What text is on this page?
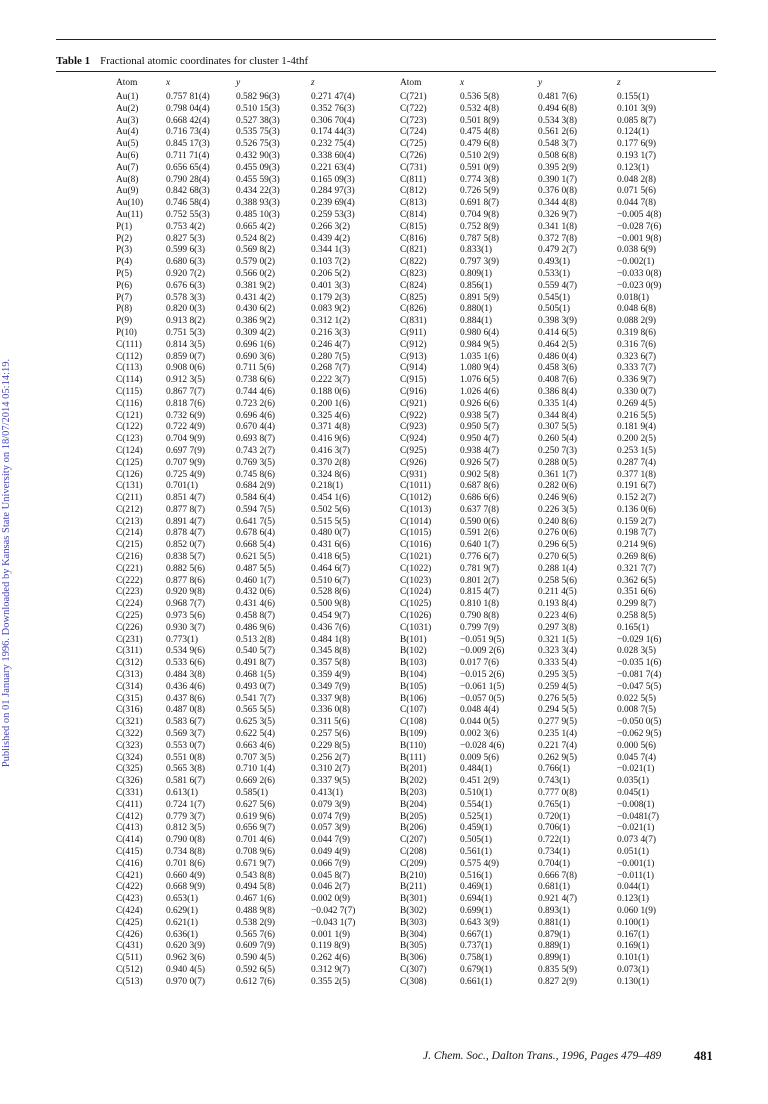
Table 1 Fractional atomic coordinates for cluster 1-4thf
Published on 01 January 1996. Downloaded by Kansas State University on 18/07/2014 05:14:19.
Atom
Au(1)
Au(2)
Au(3)
Au(4)
Au(5)
Au(6)
Au(7)
Au(8)
Au(9)
Au(10)
Au(11)
P(1)
P(2)
P(3)
P(4)
P(5)
P(6)
P(7)
P(8)
P(9)
P(10)
C(111)
C(112)
C(113)
C(114)
C(115)
C(116)
C(121)
C(122)
C(123)
C(124)
C(125)
C(126)
C(131)
C(211)
C(212)
C(213)
C(214)
C(215)
C(216)
C(221)
C(222)
C(223)
C(224)
C(225)
C(226)
C(231)
C(311)
C(312)
C(313)
C(314)
C(315)
C(316)
C(321)
C(322)
C(323)
C(324)
C(325)
C(326)
C(331)
C(411)
C(412)
C(413)
C(414)
C(415)
C(416)
C(421)
C(422)
C(423)
C(424)
C(425)
C(426)
C(431)
C(511)
C(512)
C(513)
x
0.757 81(4)
0.798 04(4)
0.668 42(4)
0.716 73(4)
0.845 17(3)
0.711 71(4)
0.656 65(4)
0.790 28(4)
0.842 68(3)
0.746 58(4)
0.752 55(3)
0.753 4(2)
0.827 5(3)
0.599 6(3)
0.680 6(3)
0.920 7(2)
0.676 6(3)
0.578 3(3)
0.820 0(3)
0.913 8(2)
0.751 5(3)
0.814 3(5)
0.859 0(7)
0.908 0(6)
0.912 3(5)
0.867 7(7)
0.818 7(6)
0.732 6(9)
0.722 4(9)
0.704 9(9)
0.697 7(9)
0.707 9(9)
0.725 4(9)
0.701(1)
0.851 4(7)
0.877 8(7)
0.891 4(7)
0.878 4(7)
0.852 0(7)
0.838 5(7)
0.882 5(6)
0.877 8(6)
0.920 9(8)
0.968 7(7)
0.973 5(6)
0.930 3(7)
0.773(1)
0.534 9(6)
0.533 6(6)
0.484 3(8)
0.436 4(6)
0.437 8(6)
0.487 0(8)
0.583 6(7)
0.569 3(7)
0.553 0(7)
0.551 0(8)
0.565 3(8)
0.581 6(7)
0.613(1)
0.724 1(7)
0.779 3(7)
0.812 3(5)
0.790 0(8)
0.734 8(8)
0.701 8(6)
0.660 4(9)
0.668 9(9)
0.653(1)
0.629(1)
0.621(1)
0.636(1)
0.620 3(9)
0.962 3(6)
0.940 4(5)
0.970 0(7)
y
0.582 96(3)
0.510 15(3)
0.527 38(3)
0.535 75(3)
0.526 75(3)
0.432 90(3)
0.455 09(3)
0.455 59(3)
0.434 22(3)
0.388 93(3)
0.485 10(3)
0.665 4(2)
0.524 8(2)
0.569 8(2)
0.579 0(2)
0.566 0(2)
0.381 9(2)
0.431 4(2)
0.430 6(2)
0.386 9(2)
0.309 4(2)
0.696 1(6)
0.690 3(6)
0.711 5(6)
0.738 6(6)
0.744 4(6)
0.723 2(6)
0.696 4(6)
0.670 4(4)
0.693 8(7)
0.743 2(7)
0.769 3(5)
0.745 8(6)
0.684 2(9)
0.584 6(4)
0.594 7(5)
0.641 7(5)
0.678 6(4)
0.668 5(4)
0.621 5(5)
0.487 5(5)
0.460 1(7)
0.432 0(6)
0.431 4(6)
0.458 8(7)
0.486 9(6)
0.513 2(8)
0.540 5(7)
0.491 8(7)
0.468 1(5)
0.493 0(7)
0.541 7(7)
0.565 5(5)
0.625 3(5)
0.622 5(4)
0.663 4(6)
0.707 3(5)
0.710 1(4)
0.669 2(6)
0.585(1)
0.627 5(6)
0.619 9(6)
0.656 9(7)
0.701 4(6)
0.708 9(6)
0.671 9(7)
0.543 8(8)
0.494 5(8)
0.467 1(6)
0.488 9(8)
0.538 2(9)
0.565 7(6)
0.609 7(9)
0.590 4(5)
0.592 6(5)
0.612 7(6)
z
0.271 47(4)
0.352 76(3)
0.306 70(4)
0.174 44(3)
0.232 75(4)
0.338 60(4)
0.221 63(4)
0.165 09(3)
0.284 97(3)
0.239 69(4)
0.259 53(3)
0.266 3(2)
0.439 4(2)
0.344 1(3)
0.103 7(2)
0.206 5(2)
0.401 3(3)
0.179 2(3)
0.083 9(2)
0.312 1(2)
0.216 3(3)
0.246 4(7)
0.280 7(5)
0.268 7(7)
0.222 3(7)
0.188 0(6)
0.200 1(6)
0.325 4(6)
0.371 4(8)
0.416 9(6)
0.416 3(7)
0.370 2(8)
0.324 8(6)
0.218(1)
0.454 1(6)
0.502 5(6)
0.515 5(5)
0.480 0(7)
0.431 6(6)
0.418 6(5)
0.464 6(7)
0.510 6(7)
0.528 8(6)
0.500 9(8)
0.454 9(7)
0.436 7(6)
0.484 1(8)
0.345 8(8)
0.357 5(8)
0.359 4(9)
0.349 7(9)
0.337 9(8)
0.336 0(8)
0.311 5(6)
0.257 5(6)
0.229 8(5)
0.256 2(7)
0.310 2(7)
0.337 9(5)
0.413(1)
0.079 3(9)
0.074 7(9)
0.057 3(9)
0.044 7(9)
0.049 4(9)
0.066 7(9)
0.045 8(7)
0.046 2(7)
0.002 0(9)
−0.042 7(7)
−0.043 1(7)
0.001 1(9)
0.119 8(9)
0.262 4(6)
0.312 9(7)
0.355 2(5)
Atom
C(721)
C(722)
C(723)
C(724)
C(725)
C(726)
C(731)
C(811)
C(812)
C(813)
C(814)
C(815)
C(816)
C(821)
C(822)
C(823)
C(824)
C(825)
C(826)
C(831)
C(911)
C(912)
C(913)
C(914)
C(915)
C(916)
C(921)
C(922)
C(923)
C(924)
C(925)
C(926)
C(931)
C(1011)
C(1012)
C(1013)
C(1014)
C(1015)
C(1016)
C(1021)
C(1022)
C(1023)
C(1024)
C(1025)
C(1026)
C(1031)
B(101)
B(102)
B(103)
B(104)
B(105)
B(106)
C(107)
C(108)
B(109)
B(110)
B(111)
B(201)
B(202)
B(203)
B(204)
B(205)
B(206)
C(207)
C(208)
C(209)
B(210)
B(211)
B(301)
B(302)
B(303)
B(304)
B(305)
B(306)
C(307)
C(308)
x
0.536 5(8)
0.532 4(8)
0.501 8(9)
0.475 4(8)
0.479 6(8)
0.510 2(9)
0.591 0(9)
0.774 3(8)
0.726 5(9)
0.691 8(7)
0.704 9(8)
0.752 8(9)
0.787 5(8)
0.833(1)
0.797 3(9)
0.809(1)
0.856(1)
0.891 5(9)
0.880(1)
0.884(1)
0.980 6(4)
0.984 9(5)
1.035 1(6)
1.080 9(4)
1.076 6(5)
1.026 4(6)
0.926 6(6)
0.938 5(7)
0.950 5(7)
0.950 4(7)
0.938 4(7)
0.926 5(7)
0.902 5(8)
0.687 8(6)
0.686 6(6)
0.637 7(8)
0.590 0(6)
0.591 2(6)
0.640 1(7)
0.776 6(7)
0.781 9(7)
0.801 2(7)
0.815 4(7)
0.810 1(8)
0.790 8(8)
0.799 7(9)
−0.051 9(5)
−0.009 2(6)
0.017 7(6)
−0.015 2(6)
−0.061 1(5)
−0.057 0(5)
0.048 4(4)
0.044 0(5)
0.002 3(6)
−0.028 4(6)
0.009 5(6)
0.484(1)
0.451 2(9)
0.510(1)
0.554(1)
0.525(1)
0.459(1)
0.505(1)
0.561(1)
0.575 4(9)
0.516(1)
0.469(1)
0.694(1)
0.699(1)
0.643 3(9)
0.667(1)
0.737(1)
0.758(1)
0.679(1)
0.661(1)
y
0.481 7(6)
0.494 6(8)
0.534 3(8)
0.561 2(6)
0.548 3(7)
0.508 6(8)
0.395 2(9)
0.390 1(7)
0.376 0(8)
0.344 4(8)
0.326 9(7)
0.341 1(8)
0.372 7(8)
0.479 2(7)
0.493(1)
0.533(1)
0.559 4(7)
0.545(1)
0.505(1)
0.398 3(9)
0.414 6(5)
0.464 2(5)
0.486 0(4)
0.458 3(6)
0.408 7(6)
0.386 8(4)
0.335 1(4)
0.344 8(4)
0.307 5(5)
0.260 5(4)
0.250 7(3)
0.288 0(5)
0.361 1(7)
0.282 0(6)
0.246 9(6)
0.226 3(5)
0.240 8(6)
0.276 0(6)
0.296 6(5)
0.270 6(5)
0.288 1(4)
0.258 5(6)
0.211 4(5)
0.193 8(4)
0.223 4(6)
0.297 3(8)
0.321 1(5)
0.323 3(4)
0.333 5(4)
0.295 3(5)
0.259 4(5)
0.276 5(5)
0.294 5(5)
0.277 9(5)
0.235 1(4)
0.221 7(4)
0.262 9(5)
0.766(1)
0.743(1)
0.777 0(8)
0.765(1)
0.720(1)
0.706(1)
0.722(1)
0.734(1)
0.704(1)
0.666 7(8)
0.681(1)
0.921 4(7)
0.893(1)
0.881(1)
0.879(1)
0.889(1)
0.899(1)
0.835 5(9)
0.827 2(9)
z
0.155(1)
0.101 3(9)
0.085 8(7)
0.124(1)
0.177 6(9)
0.193 1(7)
0.123(1)
0.048 2(8)
0.071 5(6)
0.044 7(8)
−0.005 4(8)
−0.028 7(6)
−0.001 9(8)
0.038 6(9)
−0.002(1)
−0.033 0(8)
−0.023 0(9)
0.018(1)
0.048 6(8)
0.088 2(9)
0.319 8(6)
0.316 7(6)
0.323 6(7)
0.333 7(7)
0.336 9(7)
0.330 0(7)
0.269 4(5)
0.216 5(5)
0.181 9(4)
0.200 2(5)
0.253 1(5)
0.287 7(4)
0.377 1(8)
0.191 6(7)
0.152 2(7)
0.136 0(6)
0.159 2(7)
0.198 7(7)
0.214 9(6)
0.269 8(6)
0.321 7(7)
0.362 6(5)
0.351 6(6)
0.299 8(7)
0.258 8(5)
0.165(1)
−0.029 1(6)
0.028 3(5)
−0.035 1(6)
−0.081 7(4)
−0.047 5(5)
0.022 5(5)
0.008 7(5)
−0.050 0(5)
−0.062 9(5)
0.000 5(6)
0.045 7(4)
−0.021(1)
0.035(1)
0.045(1)
−0.008(1)
−0.0481(7)
−0.021(1)
0.073 4(7)
0.051(1)
−0.001(1)
−0.011(1)
0.044(1)
0.123(1)
0.060 1(9)
0.100(1)
0.167(1)
0.169(1)
0.101(1)
0.073(1)
0.130(1)
J. Chem. Soc., Dalton Trans., 1996, Pages 479–489	481
